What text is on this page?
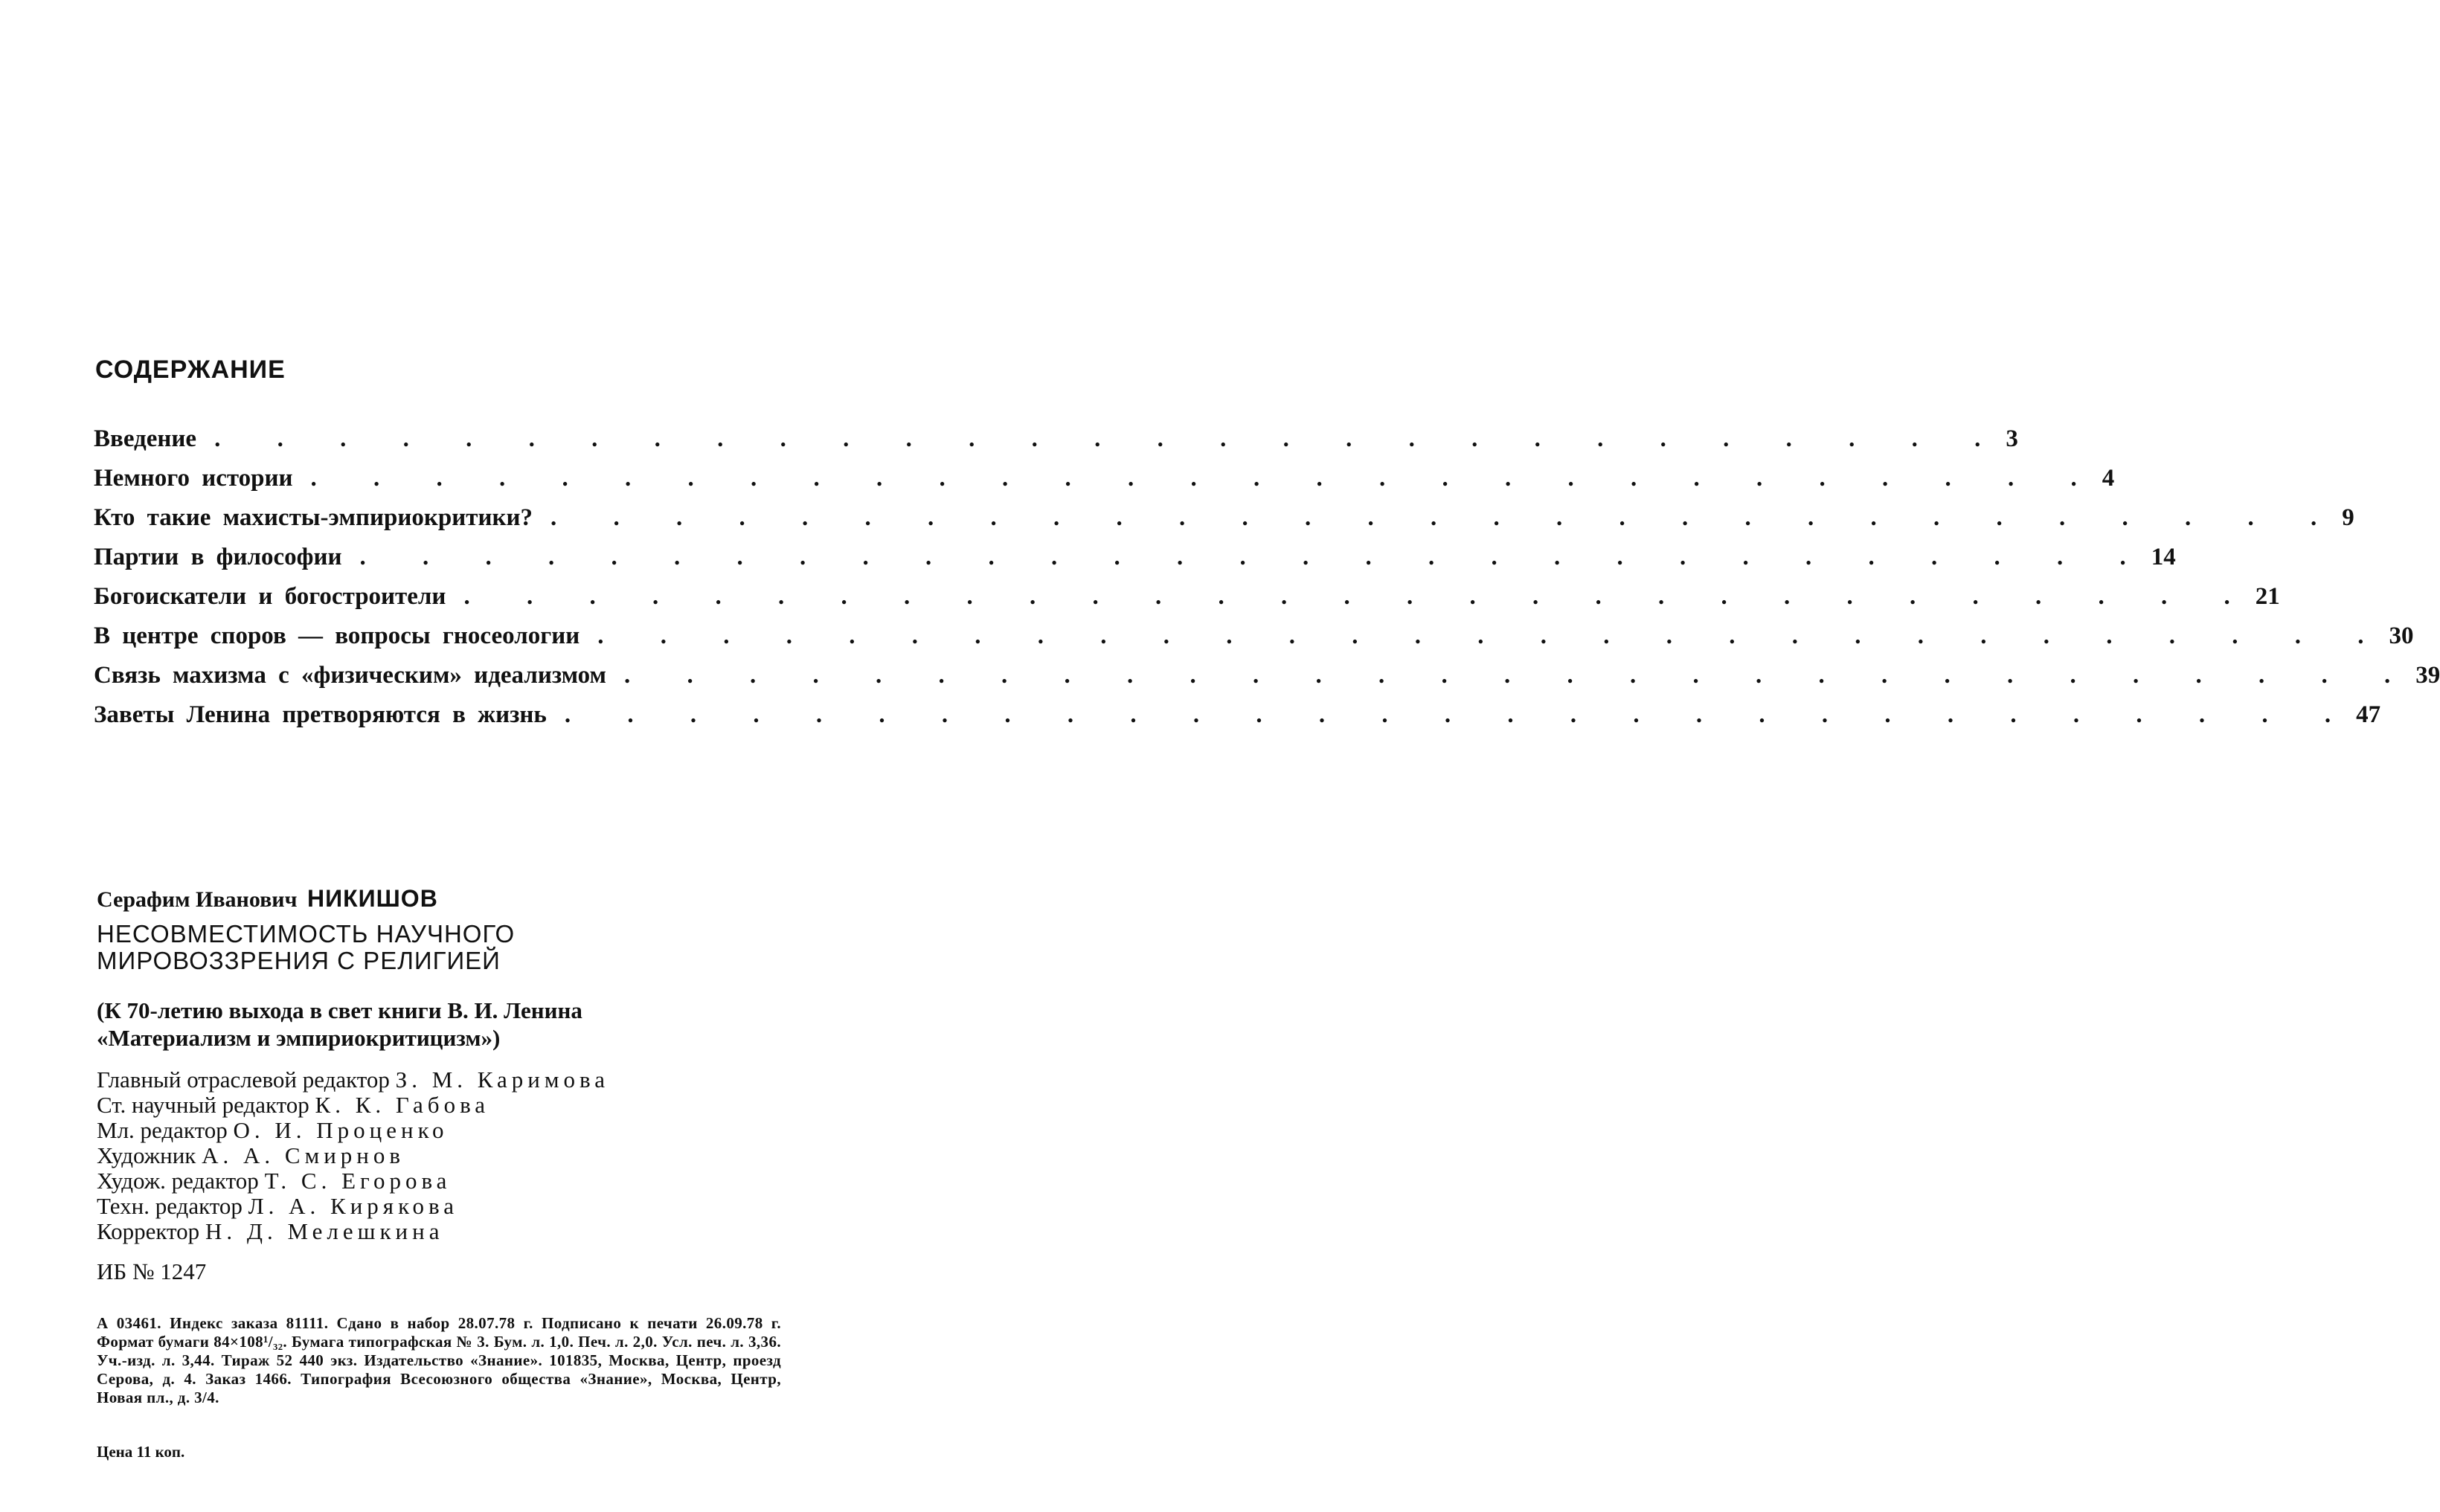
СОДЕРЖАНИЕ
Введение . . . . . . . . . . . . . . . . . . . . . . . . . . . . . 3
Немного истории . . . . . . . . . . . . . . . . . . . . . . . . . . . . . 4
Кто такие махисты-эмпириокритики? . . . . . . . . . . . . . . . . . . . . . . . . . . . . . 9
Партии в философии . . . . . . . . . . . . . . . . . . . . . . . . . . . . . 14
Богоискатели и богостроители . . . . . . . . . . . . . . . . . . . . . . . . . . . . . 21
В центре споров — вопросы гносеологии . . . . . . . . . . . . . . . . . . . . . . . . . . . . . 30
Связь махизма с «физическим» идеализмом . . . . . . . . . . . . . . . . . . . . . . . . . . . . . 39
Заветы Ленина претворяются в жизнь . . . . . . . . . . . . . . . . . . . . . . . . . . . . . 47
Серафим Иванович НИКИШОВ
НЕСОВМЕСТИМОСТЬ НАУЧНОГО
МИРОВОЗЗРЕНИЯ С РЕЛИГИЕЙ
(К 70-летию выхода в свет книги В. И. Ленина
«Материализм и эмпириокритицизм»)
Главный отраслевой редактор З. М. Каримова
Ст. научный редактор К. К. Габова
Мл. редактор О. И. Проценко
Художник А. А. Смирнов
Худож. редактор Т. С. Егорова
Техн. редактор Л. А. Кирякова
Корректор Н. Д. Мелешкина
ИБ № 1247
А 03461. Индекс заказа 81111. Сдано в набор 28.07.78 г. Подписано к печати 26.09.78 г. Формат бумаги 84×108¹/₃₂. Бумага типографская № 3. Бум. л. 1,0. Печ. л. 2,0. Усл. печ. л. 3,36. Уч.-изд. л. 3,44. Тираж 52 440 экз. Издательство «Знание». 101835, Москва, Центр, проезд Серова, д. 4. Заказ 1466. Типография Всесоюзного общества «Знание», Москва, Центр, Новая пл., д. 3/4.
Цена 11 коп.
